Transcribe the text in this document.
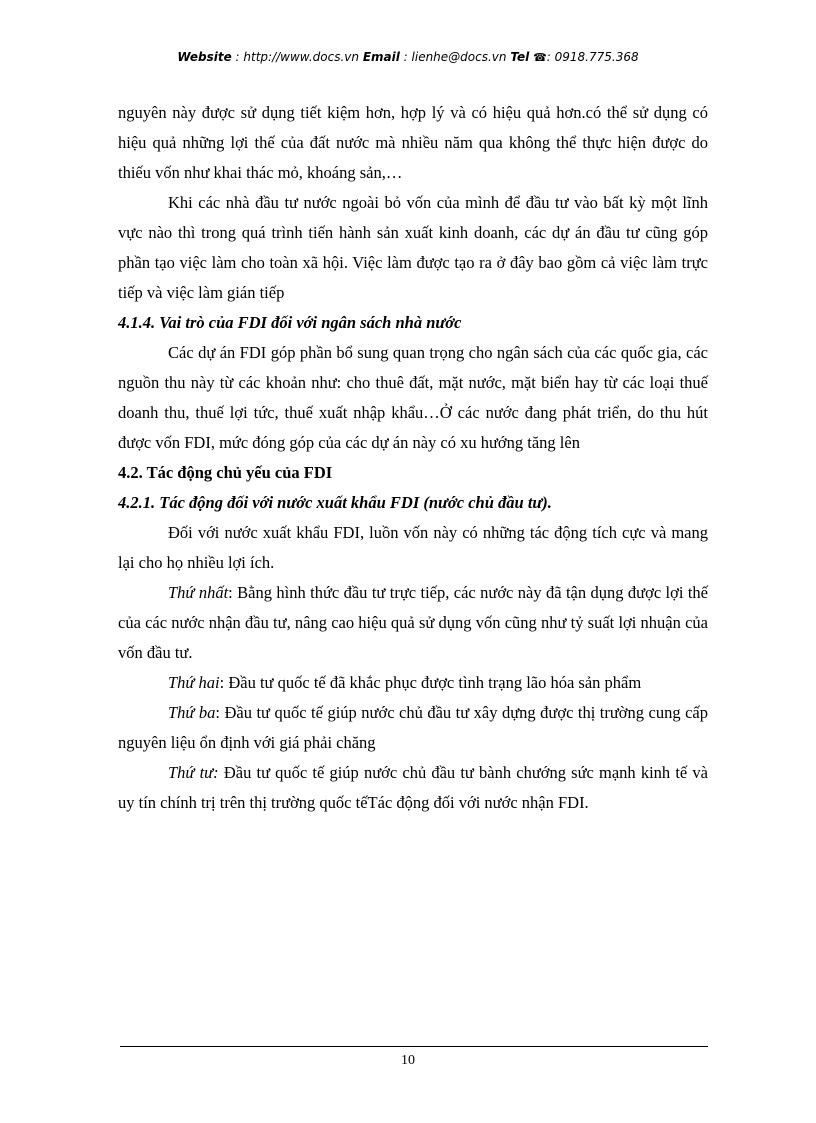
Website : http://www.docs.vn Email : lienhe@docs.vn Tel ☎: 0918.775.368

nguyên này được sử dụng tiết kiệm hơn, hợp lý và có hiệu quả hơn.có thể sử dụng có hiệu quả những lợi thế của đất nước mà nhiều năm qua không thể thực hiện được do thiếu vốn như khai thác mỏ, khoáng sản,…

Khi các nhà đầu tư nước ngoài bỏ vốn của mình để đầu tư vào bất kỳ một lĩnh vực nào thì trong quá trình tiến hành sản xuất kinh doanh, các dự án đầu tư cũng góp phần tạo việc làm cho toàn xã hội. Việc làm được tạo ra ở đây bao gồm cả việc làm trực tiếp và việc làm gián tiếp

4.1.4. Vai trò của FDI đối với ngân sách nhà nước

Các dự án FDI góp phần bổ sung quan trọng cho ngân sách của các quốc gia, các nguồn thu này từ các khoản như: cho thuê đất, mặt nước, mặt biển hay từ các loại thuế doanh thu, thuế lợi tức, thuế xuất nhập khẩu…Ở các nước đang phát triển, do thu hút được vốn FDI, mức đóng góp của các dự án này có xu hướng tăng lên

4.2. Tác động chủ yếu của FDI
4.2.1. Tác động đối với nước xuất khẩu FDI (nước chủ đầu tư).

Đối với nước xuất khẩu FDI, luồn vốn này có những tác động tích cực và mang lại cho họ nhiều lợi ích.

Thứ nhất: Bằng hình thức đầu tư trực tiếp, các nước này đã tận dụng được lợi thế của các nước nhận đầu tư, nâng cao hiệu quả sử dụng vốn cũng như tỷ suất lợi nhuận của vốn đầu tư.

Thứ hai: Đầu tư quốc tế đã khắc phục được tình trạng lão hóa sản phẩm

Thứ ba: Đầu tư quốc tế giúp nước chủ đầu tư xây dựng được thị trường cung cấp nguyên liệu ổn định với giá phải chăng

Thứ tư: Đầu tư quốc tế giúp nước chủ đầu tư bành chướng sức mạnh kinh tế và uy tín chính trị trên thị trường quốc tếTác động đối với nước nhận FDI.

10
